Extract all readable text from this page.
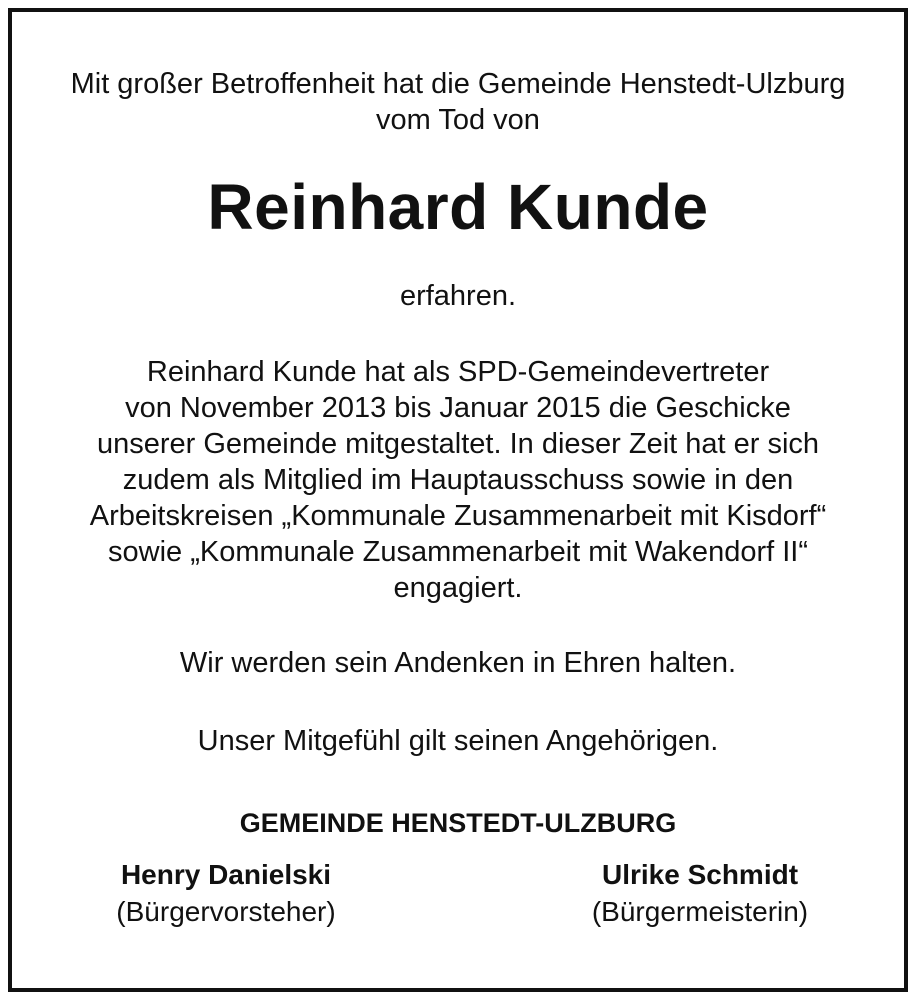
Mit großer Betroffenheit hat die Gemeinde Henstedt-Ulzburg
vom Tod von
Reinhard Kunde
erfahren.
Reinhard Kunde hat als SPD-Gemeindevertreter
von November 2013 bis Januar 2015 die Geschicke
unserer Gemeinde mitgestaltet. In dieser Zeit hat er sich
zudem als Mitglied im Hauptausschuss sowie in den
Arbeitskreisen „Kommunale Zusammenarbeit mit Kisdorf“
sowie „Kommunale Zusammenarbeit mit Wakendorf II“
engagiert.
Wir werden sein Andenken in Ehren halten.
Unser Mitgefühl gilt seinen Angehörigen.
GEMEINDE HENSTEDT-ULZBURG
Henry Danielski
(Bürgervorsteher)
Ulrike Schmidt
(Bürgermeisterin)
